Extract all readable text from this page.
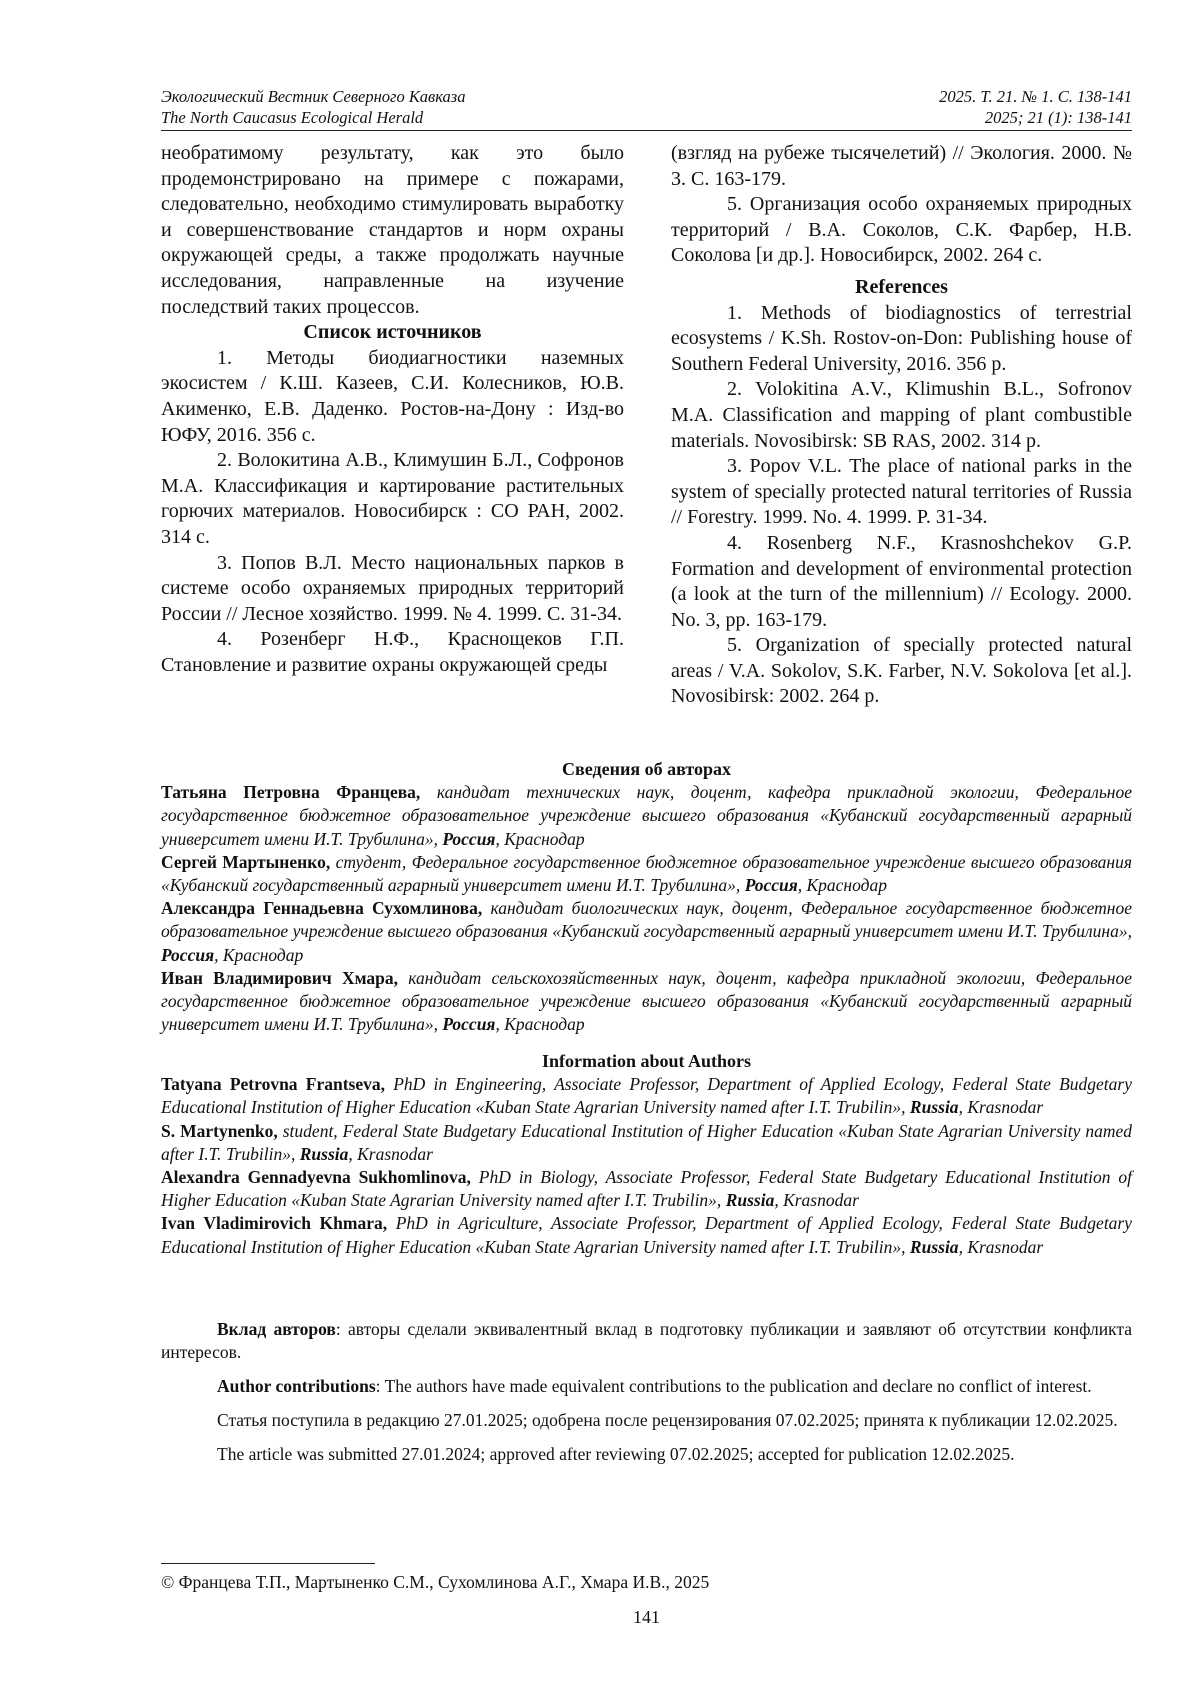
Экологический Вестник Северного Кавказа
The North Caucasus Ecological Herald
2025. Т. 21. № 1. С. 138-141
2025; 21 (1): 138-141

необратимому результату, как это было продемонстрировано на примере с пожарами, следовательно, необходимо стимулировать выработку и совершенствование стандартов и норм охраны окружающей среды, а также продолжать научные исследования, направленные на изучение последствий таких процессов.

Список источников

1. Методы биодиагностики наземных экосистем / К.Ш. Казеев, С.И. Колесников, Ю.В. Акименко, Е.В. Даденко. Ростов-на-Дону : Изд-во ЮФУ, 2016. 356 с.

2. Волокитина А.В., Климушин Б.Л., Софронов М.А. Классификация и картирование растительных горючих материалов. Новосибирск : СО РАН, 2002. 314 с.

3. Попов В.Л. Место национальных парков в системе особо охраняемых природных территорий России // Лесное хозяйство. 1999. № 4. 1999. С. 31-34.

4. Розенберг Н.Ф., Краснощеков Г.П. Становление и развитие охраны окружающей среды

(взгляд на рубеже тысячелетий) // Экология. 2000. № 3. С. 163-179.

5. Организация особо охраняемых природных территорий / В.А. Соколов, С.К. Фарбер, Н.В. Соколова [и др.]. Новосибирск, 2002. 264 с.

References

1. Methods of biodiagnostics of terrestrial ecosystems / K.Sh. Rostov-on-Don: Publishing house of Southern Federal University, 2016. 356 p.

2. Volokitina A.V., Klimushin B.L., Sofronov M.A. Classification and mapping of plant combustible materials. Novosibirsk: SB RAS, 2002. 314 p.

3. Popov V.L. The place of national parks in the system of specially protected natural territories of Russia // Forestry. 1999. No. 4. 1999. P. 31-34.

4. Rosenberg N.F., Krasnoshchekov G.P. Formation and development of environmental protection (a look at the turn of the millennium) // Ecology. 2000. No. 3, pp. 163-179.

5. Organization of specially protected natural areas / V.A. Sokolov, S.K. Farber, N.V. Sokolova [et al.]. Novosibirsk: 2002. 264 p.

Сведения об авторах

Татьяна Петровна Францева, кандидат технических наук, доцент, кафедра прикладной экологии, Федеральное государственное бюджетное образовательное учреждение высшего образования «Кубанский государственный аграрный университет имени И.Т. Трубилина», Россия, Краснодар

Сергей Мартыненко, студент, Федеральное государственное бюджетное образовательное учреждение высшего образования «Кубанский государственный аграрный университет имени И.Т. Трубилина», Россия, Краснодар

Александра Геннадьевна Сухомлинова, кандидат биологических наук, доцент, Федеральное государственное бюджетное образовательное учреждение высшего образования «Кубанский государственный аграрный университет имени И.Т. Трубилина», Россия, Краснодар

Иван Владимирович Хмара, кандидат сельскохозяйственных наук, доцент, кафедра прикладной экологии, Федеральное государственное бюджетное образовательное учреждение высшего образования «Кубанский государственный аграрный университет имени И.Т. Трубилина», Россия, Краснодар

Information about Authors

Tatyana Petrovna Frantseva, PhD in Engineering, Associate Professor, Department of Applied Ecology, Federal State Budgetary Educational Institution of Higher Education «Kuban State Agrarian University named after I.T. Trubilin», Russia, Krasnodar

S. Martynenko, student, Federal State Budgetary Educational Institution of Higher Education «Kuban State Agrarian University named after I.T. Trubilin», Russia, Krasnodar

Alexandra Gennadyevna Sukhomlinova, PhD in Biology, Associate Professor, Federal State Budgetary Educational Institution of Higher Education «Kuban State Agrarian University named after I.T. Trubilin», Russia, Krasnodar

Ivan Vladimirovich Khmara, PhD in Agriculture, Associate Professor, Department of Applied Ecology, Federal State Budgetary Educational Institution of Higher Education «Kuban State Agrarian University named after I.T. Trubilin», Russia, Krasnodar

Вклад авторов: авторы сделали эквивалентный вклад в подготовку публикации и заявляют об отсутствии конфликта интересов.

Author contributions: The authors have made equivalent contributions to the publication and declare no conflict of interest.

Статья поступила в редакцию 27.01.2025; одобрена после рецензирования 07.02.2025; принята к публикации 12.02.2025.

The article was submitted 27.01.2024; approved after reviewing 07.02.2025; accepted for publication 12.02.2025.

© Францева Т.П., Мартыненко С.М., Сухомлинова А.Г., Хмара И.В., 2025
141
